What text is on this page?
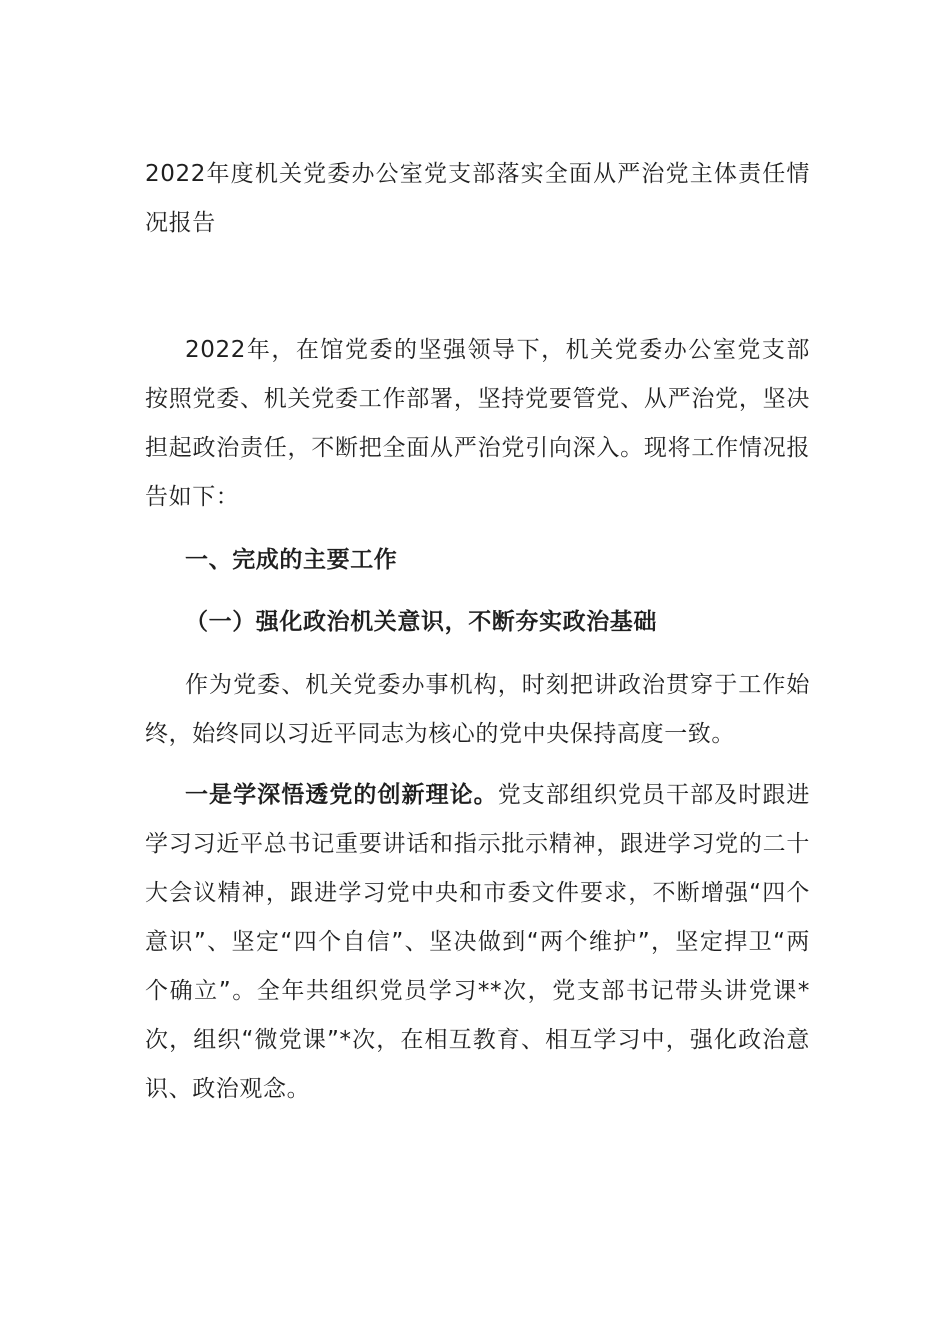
2022年度机关党委办公室党支部落实全面从严治党主体责任情况报告

2022年，在馆党委的坚强领导下，机关党委办公室党支部按照党委、机关党委工作部署，坚持党要管党、从严治党，坚决担起政治责任，不断把全面从严治党引向深入。现将工作情况报告如下：

一、完成的主要工作

（一）强化政治机关意识，不断夯实政治基础

作为党委、机关党委办事机构，时刻把讲政治贯穿于工作始终，始终同以习近平同志为核心的党中央保持高度一致。

一是学深悟透党的创新理论。党支部组织党员干部及时跟进学习习近平总书记重要讲话和指示批示精神，跟进学习党的二十大会议精神，跟进学习党中央和市委文件要求，不断增强“四个意识”、坚定“四个自信”、坚决做到“两个维护”，坚定捍卫“两个确立”。全年共组织党员学习**次，党支部书记带头讲党课*次，组织“微党课”*次，在相互教育、相互学习中，强化政治意识、政治观念。
